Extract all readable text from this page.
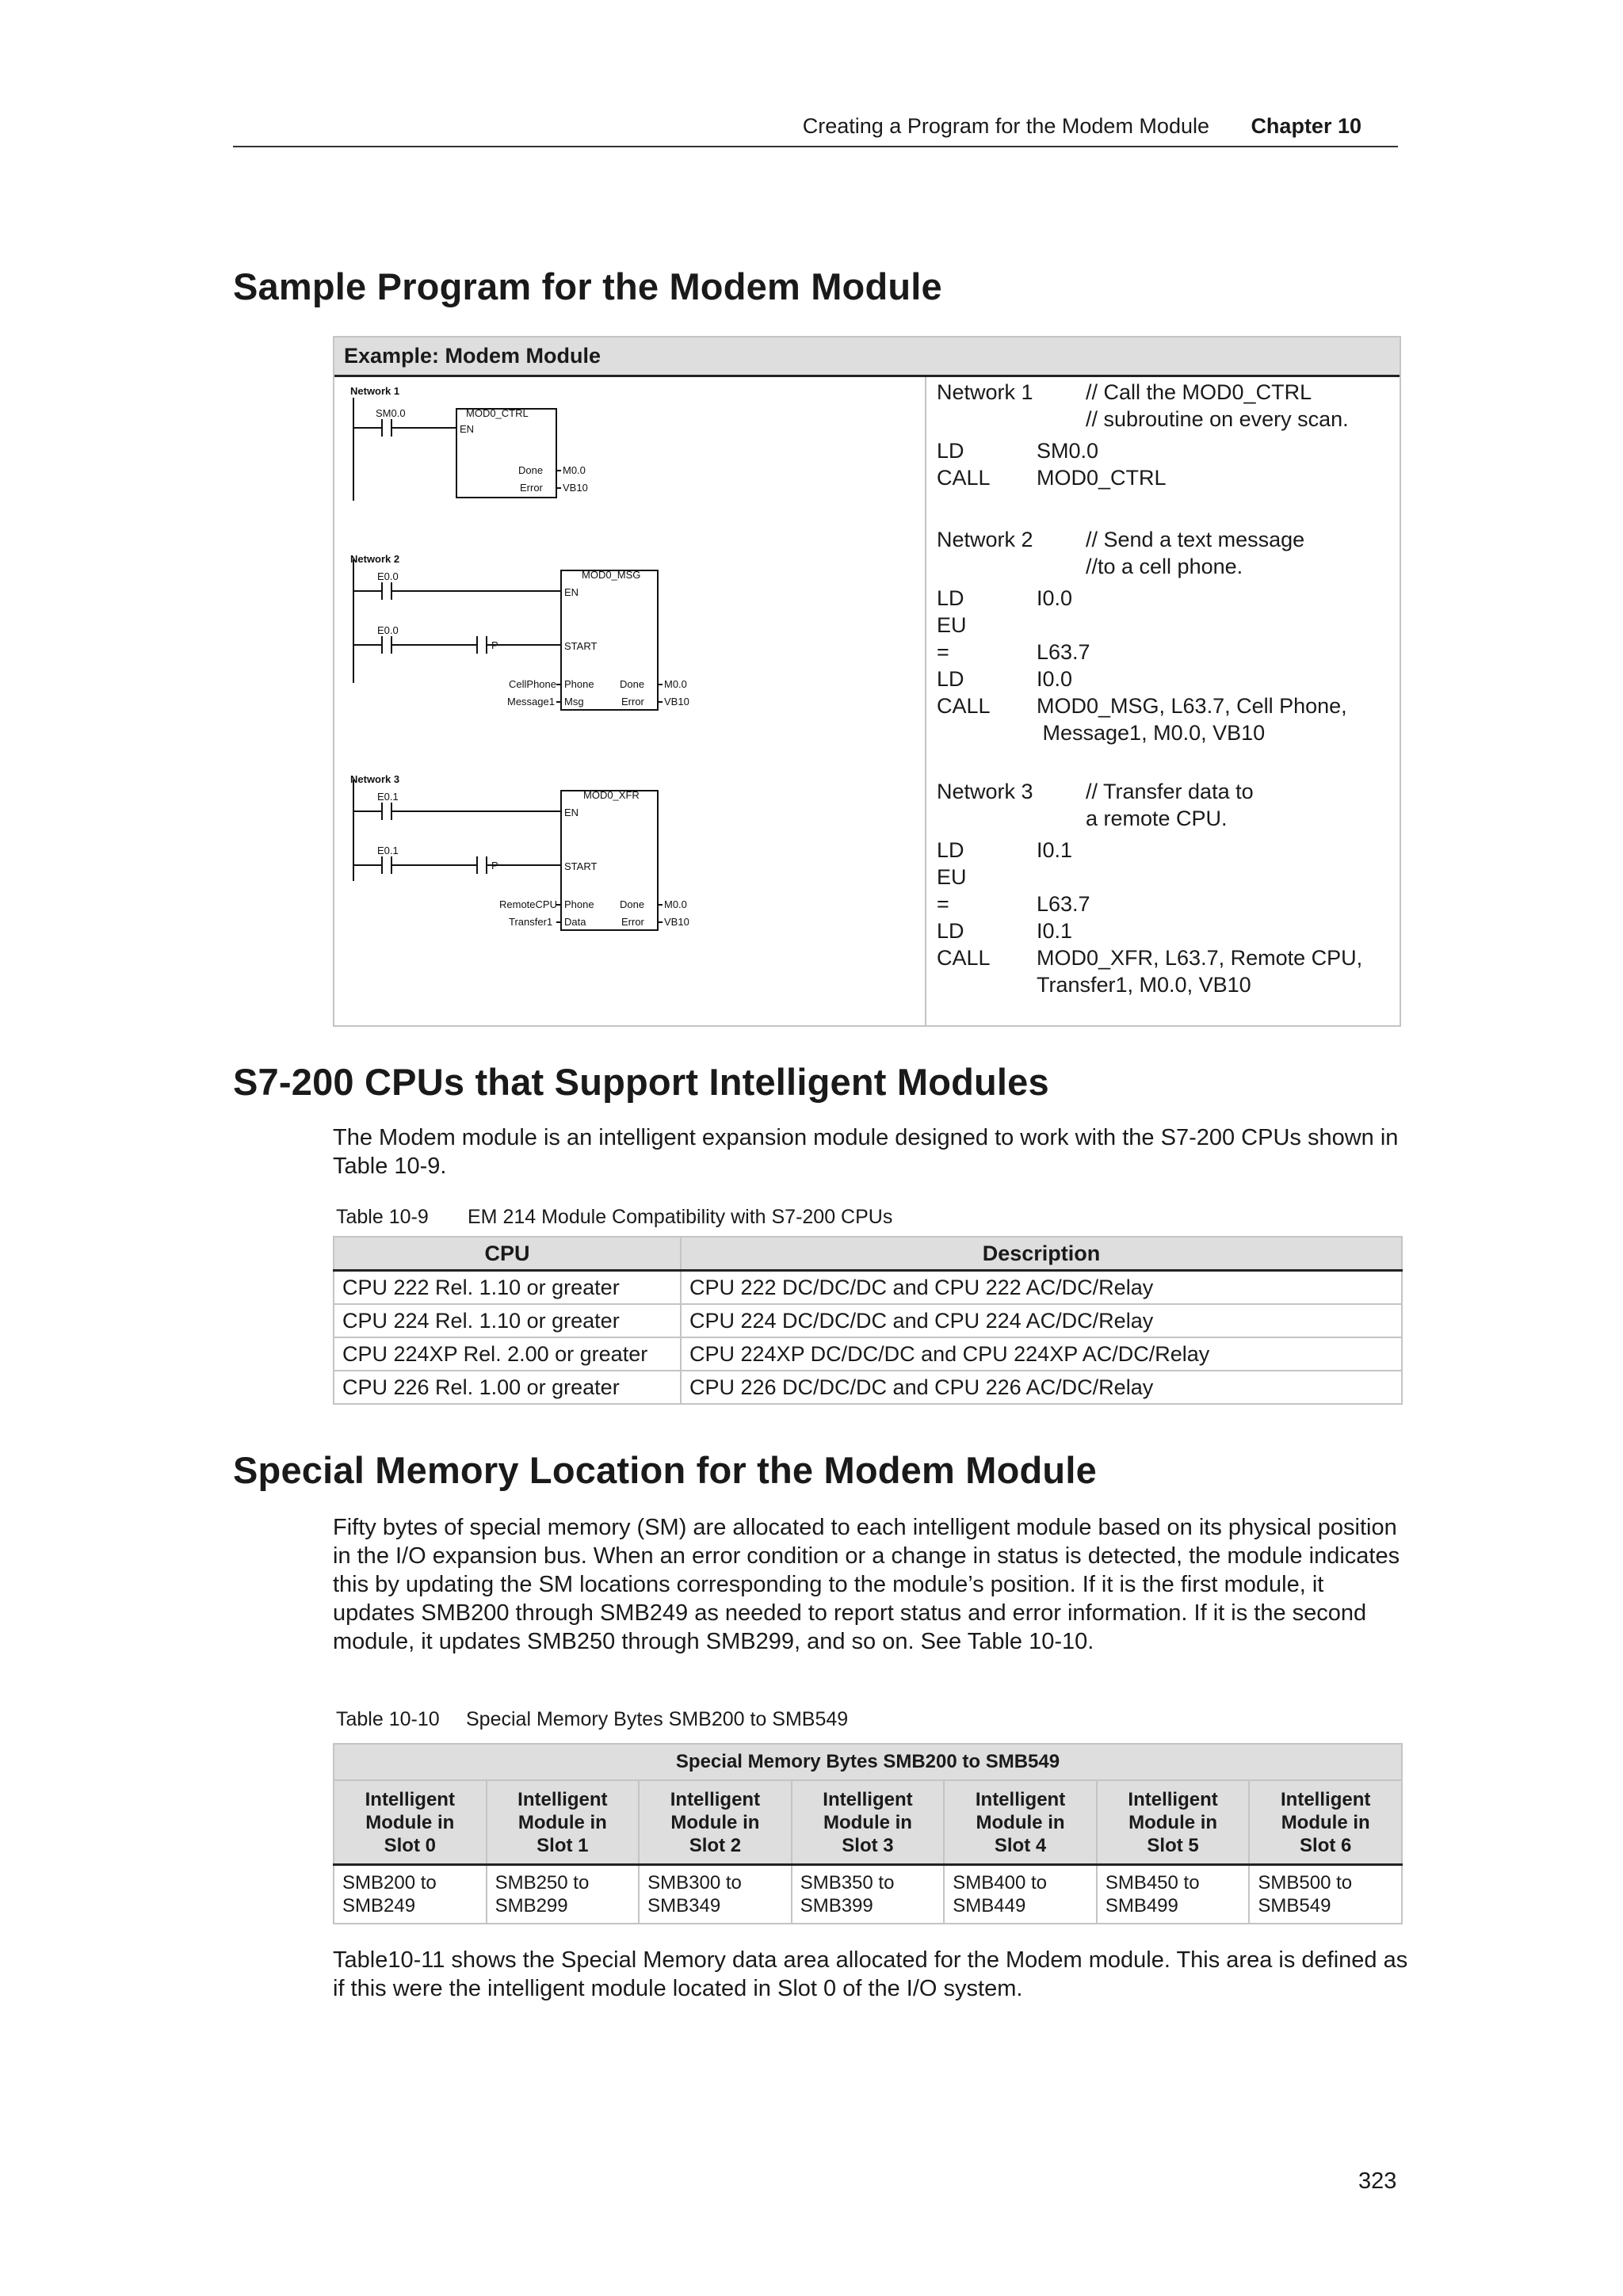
Creating a Program for the Modem Module Chapter 10
Sample Program for the Modem Module
Example: Modem Module
Network 1
SM0.0	MOD0_CTRL
EN
Done
Error
M0.0
VB10
Network 2
E0.0
E0.0
P
MOD0_MSG
EN
START
CellPhone Phone
Message1 Msg
Done
Error
M0.0
VB10
Network 3
E0.1
E0.1
P
MOD0_XFR
EN
START
RemoteCPU Phone
Transfer1 Data
Done
Error
M0.0
VB10
Network 1 // Call the MOD0_CTRL
// subroutine on every scan.
LD	SM0.0
CALL MOD0_CTRL
Network 2 // Send a text message
//to a cell phone.
LD	I0.0
EU
=	L63.7
LD	I0.0
CALL MOD0_MSG, L63.7, Cell Phone,
Message1, M0.0, VB10
Network 3 // Transfer data to
a remote CPU.
LD	I0.1
EU
=	L63.7
LD	I0.1
CALL MOD0_XFR, L63.7, Remote CPU,
Transfer1, M0.0, VB10
S7-200 CPUs that Support Intelligent Modules

The Modem module is an intelligent expansion module designed to work with the S7-200 CPUs shown in Table 10-9.

Table 10-9 EM 214 Module Compatibility with S7-200 CPUs
CPU	Description
CPU 222 Rel. 1.10 or greater	CPU 222 DC/DC/DC and CPU 222 AC/DC/Relay
CPU 224 Rel. 1.10 or greater	CPU 224 DC/DC/DC and CPU 224 AC/DC/Relay
CPU 224XP Rel. 2.00 or greater	CPU 224XP DC/DC/DC and CPU 224XP AC/DC/Relay
CPU 226 Rel. 1.00 or greater	CPU 226 DC/DC/DC and CPU 226 AC/DC/Relay
Special Memory Location for the Modem Module

Fifty bytes of special memory (SM) are allocated to each intelligent module based on its physical position in the I/O expansion bus. When an error condition or a change in status is detected, the module indicates this by updating the SM locations corresponding to the module’s position. If it is the first module, it updates SMB200 through SMB249 as needed to report status and error information. If it is the second module, it updates SMB250 through SMB299, and so on. See Table 10-10.

Table 10-10 Special Memory Bytes SMB200 to SMB549
Special Memory Bytes SMB200 to SMB549						
Intelligent
Module in
Slot 0	Intelligent
Module in
Slot 1	Intelligent
Module in
Slot 2	Intelligent
Module in
Slot 3	Intelligent
Module in
Slot 4	Intelligent
Module in
Slot 5	Intelligent
Module in
Slot 6
SMB200 to
SMB249	SMB250 to
SMB299	SMB300 to
SMB349	SMB350 to
SMB399	SMB400 to
SMB449	SMB450 to
SMB499	SMB500 to
SMB549

Table10-11 shows the Special Memory data area allocated for the Modem module. This area is defined as if this were the intelligent module located in Slot 0 of the I/O system.

323
